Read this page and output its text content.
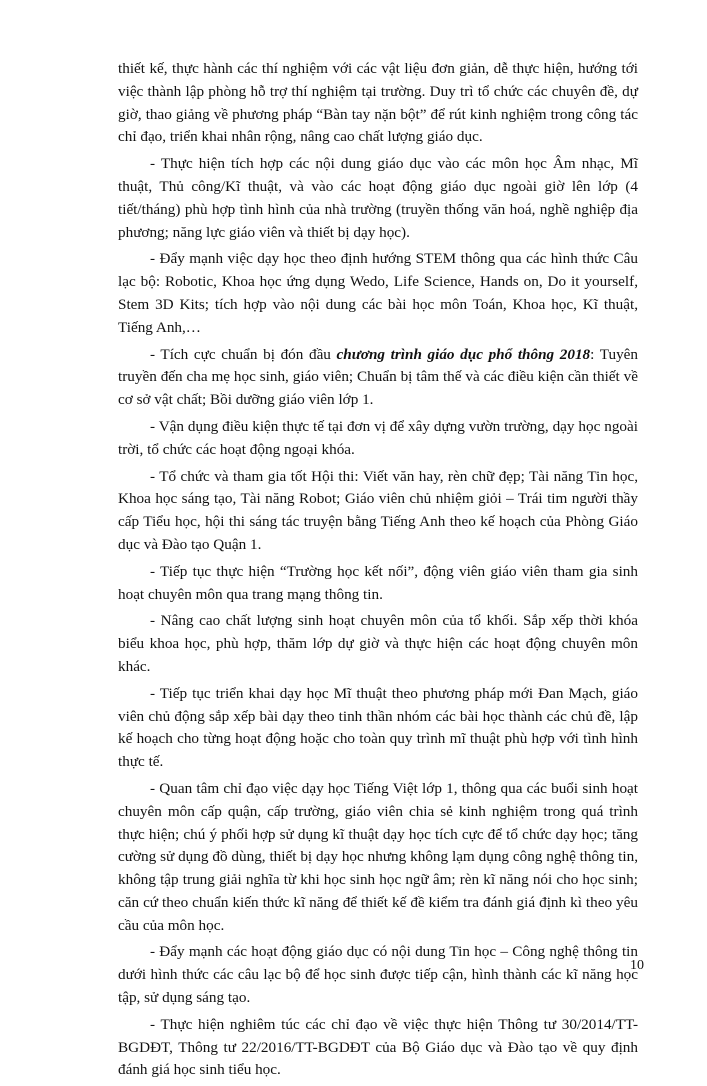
thiết kế, thực hành các thí nghiệm với các vật liệu đơn giản, dễ thực hiện, hướng tới việc thành lập phòng hỗ trợ thí nghiệm tại trường. Duy trì tổ chức các chuyên đề, dự giờ, thao giảng về phương pháp “Bàn tay nặn bột” để rút kinh nghiệm trong công tác chỉ đạo, triển khai nhân rộng, nâng cao chất lượng giáo dục.

- Thực hiện tích hợp các nội dung giáo dục vào các môn học Âm nhạc, Mĩ thuật, Thủ công/Kĩ thuật, và vào các hoạt động giáo dục ngoài giờ lên lớp (4 tiết/tháng) phù hợp tình hình của nhà trường (truyền thống văn hoá, nghề nghiệp địa phương; năng lực giáo viên và thiết bị dạy học).

- Đẩy mạnh việc dạy học theo định hướng STEM thông qua các hình thức Câu lạc bộ: Robotic, Khoa học ứng dụng Wedo, Life Science, Hands on, Do it yourself, Stem 3D Kits; tích hợp vào nội dung các bài học môn Toán, Khoa học, Kĩ thuật, Tiếng Anh,…

- Tích cực chuẩn bị đón đầu chương trình giáo dục phổ thông 2018: Tuyên truyền đến cha mẹ học sinh, giáo viên; Chuẩn bị tâm thế và các điều kiện cần thiết về cơ sở vật chất; Bồi dưỡng giáo viên lớp 1.

- Vận dụng điều kiện thực tế tại đơn vị để xây dựng vườn trường, dạy học ngoài trời, tổ chức các hoạt động ngoại khóa.

- Tổ chức và tham gia tốt Hội thi: Viết văn hay, rèn chữ đẹp; Tài năng Tin học, Khoa học sáng tạo, Tài năng Robot; Giáo viên chủ nhiệm giỏi – Trái tim người thầy cấp Tiểu học, hội thi sáng tác truyện bằng Tiếng Anh theo kế hoạch của Phòng Giáo dục và Đào tạo Quận 1.

- Tiếp tục thực hiện “Trường học kết nối”, động viên giáo viên tham gia sinh hoạt chuyên môn qua trang mạng thông tin.

- Nâng cao chất lượng sinh hoạt chuyên môn của tổ khối. Sắp xếp thời khóa biểu khoa học, phù hợp, thăm lớp dự giờ và thực hiện các hoạt động chuyên môn khác.

- Tiếp tục triển khai dạy học Mĩ thuật theo phương pháp mới Đan Mạch, giáo viên chủ động sắp xếp bài dạy theo tinh thần nhóm các bài học thành các chủ đề, lập kế hoạch cho từng hoạt động hoặc cho toàn quy trình mĩ thuật phù hợp với tình hình thực tế.

- Quan tâm chỉ đạo việc dạy học Tiếng Việt lớp 1, thông qua các buổi sinh hoạt chuyên môn cấp quận, cấp trường, giáo viên chia sẻ kinh nghiệm trong quá trình thực hiện; chú ý phối hợp sử dụng kĩ thuật dạy học tích cực để tổ chức dạy học; tăng cường sử dụng đồ dùng, thiết bị dạy học nhưng không lạm dụng công nghệ thông tin, không tập trung giải nghĩa từ khi học sinh học ngữ âm; rèn kĩ năng nói cho học sinh; căn cứ theo chuẩn kiến thức kĩ năng để thiết kế đề kiểm tra đánh giá định kì theo yêu cầu của môn học.

- Đẩy mạnh các hoạt động giáo dục có nội dung Tin học – Công nghệ thông tin dưới hình thức các câu lạc bộ để học sinh được tiếp cận, hình thành các kĩ năng học tập, sử dụng sáng tạo.

- Thực hiện nghiêm túc các chỉ đạo về việc thực hiện Thông tư 30/2014/TT-BGDĐT, Thông tư 22/2016/TT-BGDĐT của Bộ Giáo dục và Đào tạo về quy định đánh giá học sinh tiểu học.

10
